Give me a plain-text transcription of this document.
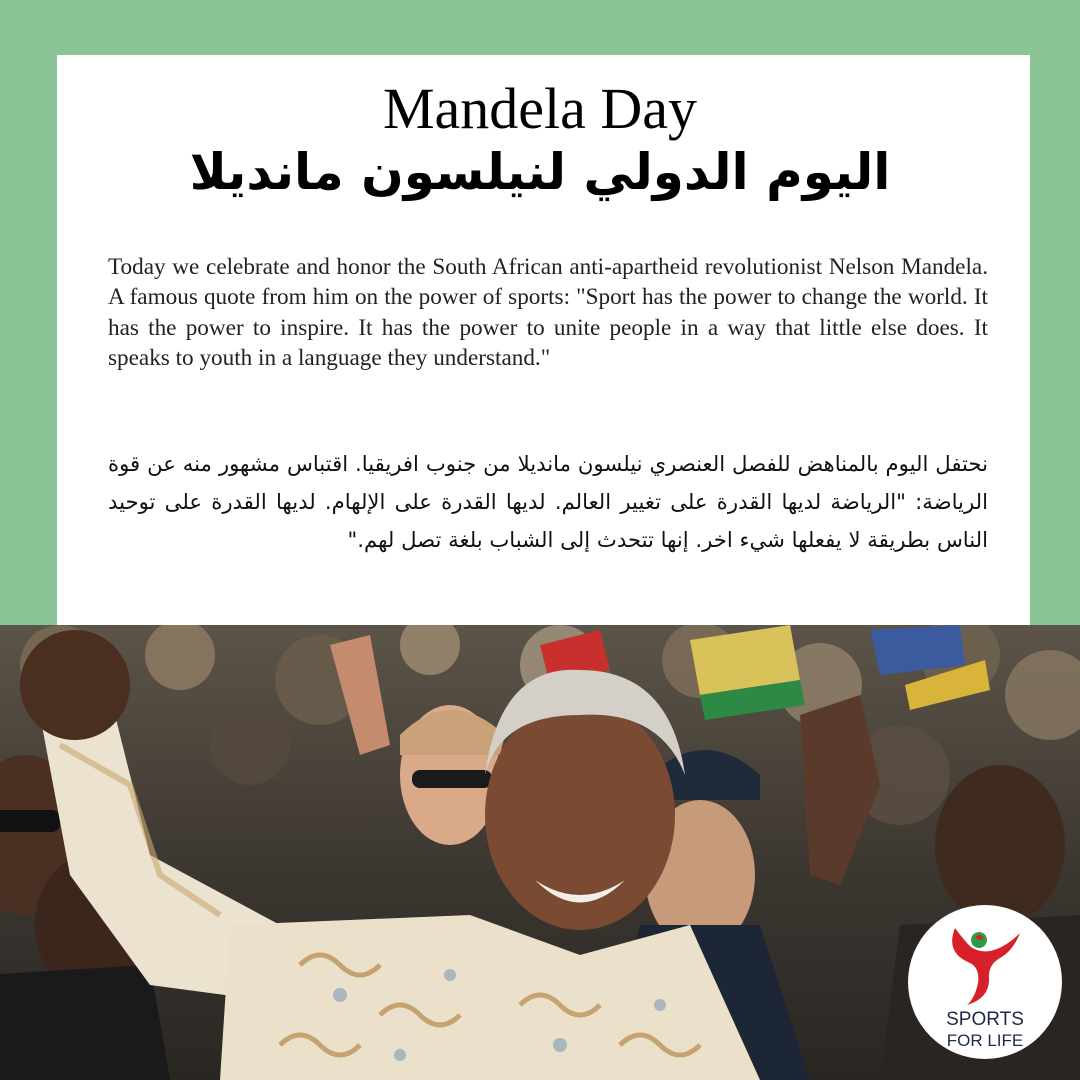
Mandela Day
اليوم الدولي لنيلسون مانديلا

Today we celebrate and honor the South African anti-apartheid revolutionist Nelson Mandela. A famous quote from him on the power of sports: "Sport has the power to change the world. It has the power to inspire. It has the power to unite people in a way that little else does. It speaks to youth in a language they understand."

نحتفل اليوم بالمناهض للفصل العنصري نيلسون مانديلا من جنوب افريقيا. اقتباس مشهور منه عن قوة الرياضة: "الرياضة لديها القدرة على تغيير العالم. لديها القدرة على الإلهام. لديها القدرة على توحيد الناس بطريقة لا يفعلها شيء اخر. إنها تتحدث إلى الشباب بلغة تصل لهم."

SPORTS
FOR LIFE
